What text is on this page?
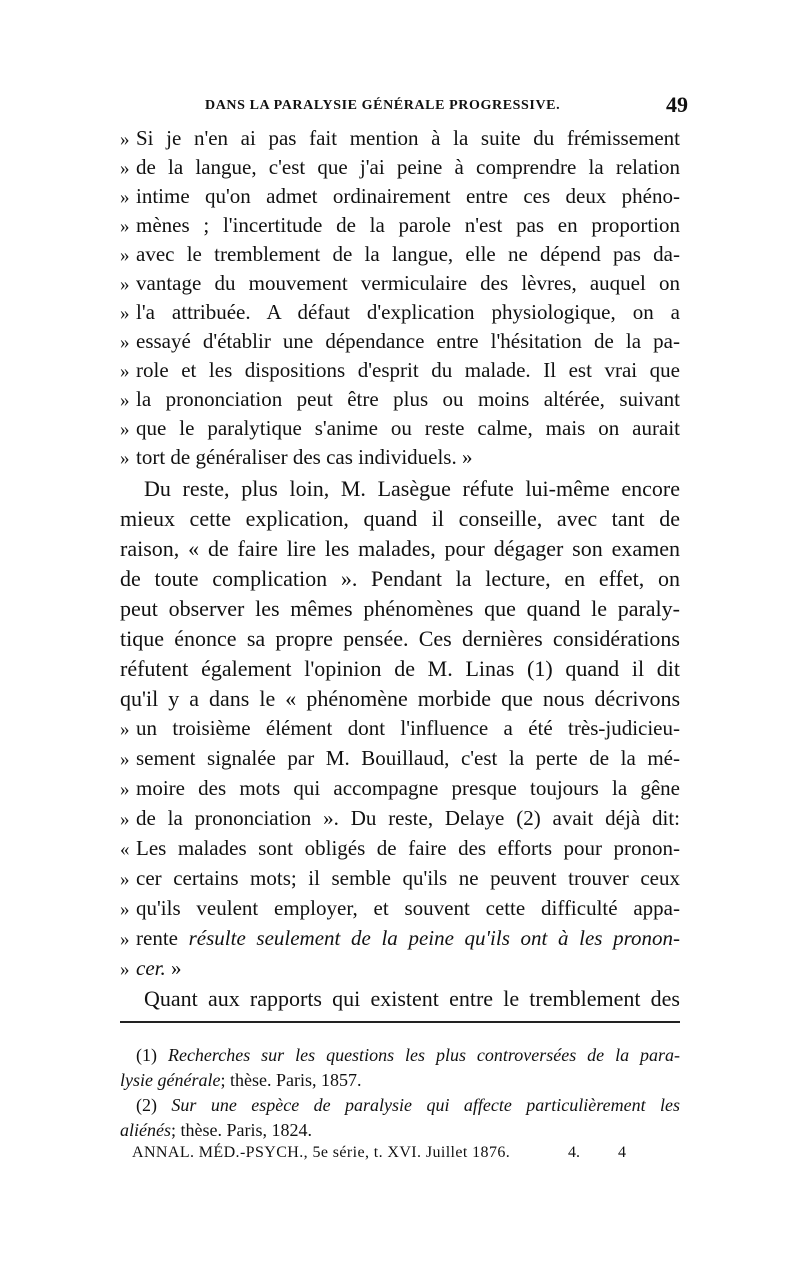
DANS LA PARALYSIE GÉNÉRALE PROGRESSIVE.	49
» Si je n'en ai pas fait mention à la suite du frémissement
» de la langue, c'est que j'ai peine à comprendre la relation
» intime qu'on admet ordinairement entre ces deux phéno-
» mènes ; l'incertitude de la parole n'est pas en proportion
» avec le tremblement de la langue, elle ne dépend pas da-
» vantage du mouvement vermiculaire des lèvres, auquel on
» l'a attribuée. A défaut d'explication physiologique, on a
» essayé d'établir une dépendance entre l'hésitation de la pa-
» role et les dispositions d'esprit du malade. Il est vrai que
» la prononciation peut être plus ou moins altérée, suivant
» que le paralytique s'anime ou reste calme, mais on aurait
» tort de généraliser des cas individuels. »
Du reste, plus loin, M. Lasègue réfute lui-même encore
mieux cette explication, quand il conseille, avec tant de
raison, « de faire lire les malades, pour dégager son examen
de toute complication ». Pendant la lecture, en effet, on
peut observer les mêmes phénomènes que quand le paraly-
tique énonce sa propre pensée. Ces dernières considérations
réfutent également l'opinion de M. Linas (1) quand il dit
qu'il y a dans le « phénomène morbide que nous décrivons
» un troisième élément dont l'influence a été très-judicieu-
» sement signalée par M. Bouillaud, c'est la perte de la mé-
» moire des mots qui accompagne presque toujours la gêne
» de la prononciation ». Du reste, Delaye (2) avait déjà dit:
« Les malades sont obligés de faire des efforts pour pronon-
» cer certains mots; il semble qu'ils ne peuvent trouver ceux
» qu'ils veulent employer, et souvent cette difficulté appa-
» rente résulte seulement de la peine qu'ils ont à les pronon-
» cer. »
Quant aux rapports qui existent entre le tremblement des
(1) Recherches sur les questions les plus controversées de la para-
lysie générale; thèse. Paris, 1857.
(2) Sur une espèce de paralysie qui affecte particulièrement les
aliénés; thèse. Paris, 1824.
ANNAL. MÉD.-PSYCH., 5e série, t. XVI. Juillet 1876.	4. 4
